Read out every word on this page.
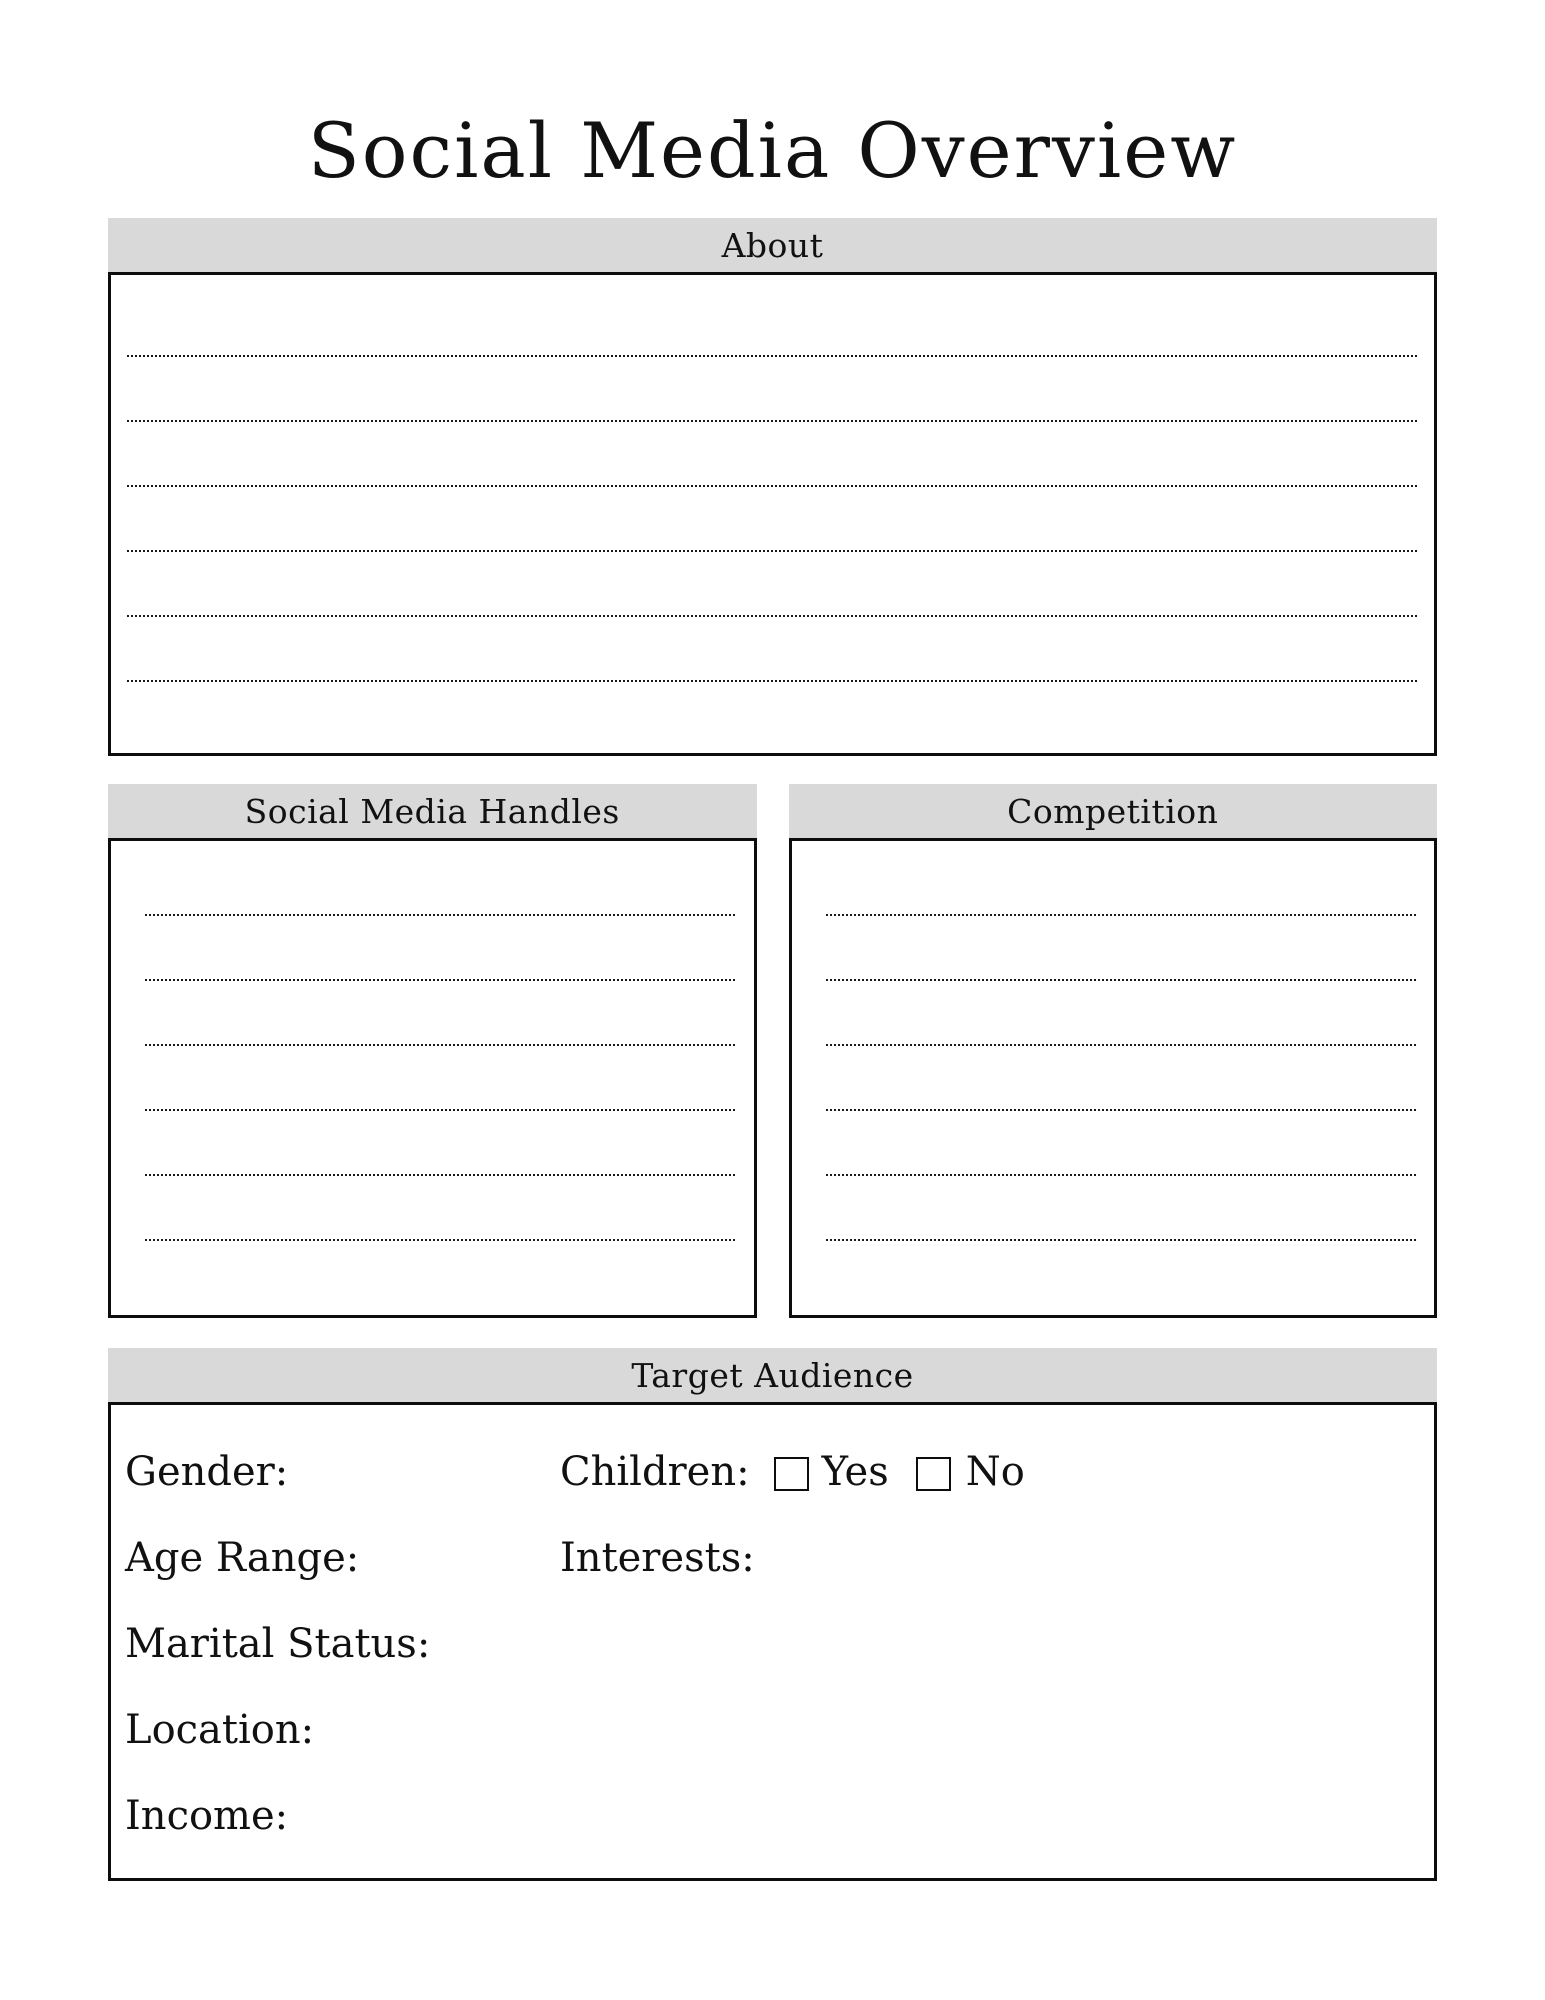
Social Media Overview
About
Social Media Handles	Competition
Target Audience
Gender:	Children: Yes No
Age Range:	Interests:
Marital Status:
Location:
Income:
